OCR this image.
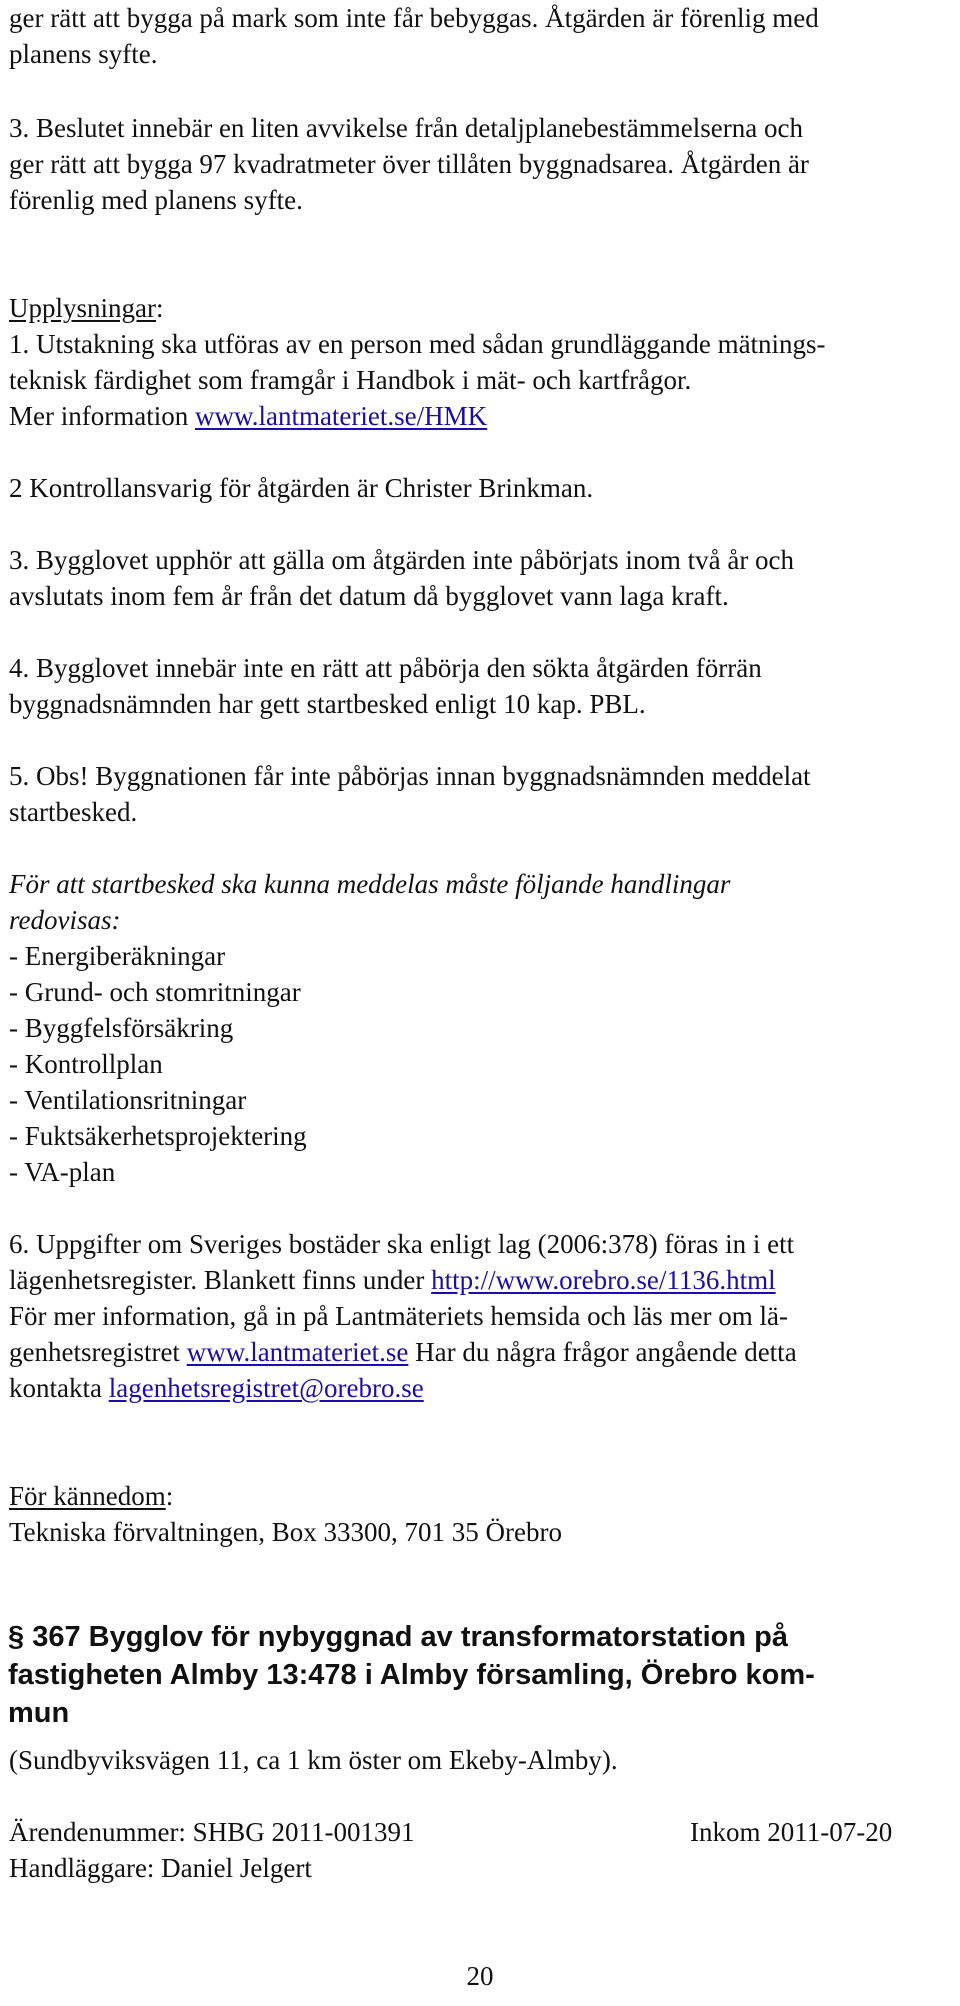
ger rätt att bygga på mark som inte får bebyggas. Åtgärden är förenlig med
planens syfte.
3. Beslutet innebär en liten avvikelse från detaljplanebestämmelserna och
ger rätt att bygga 97 kvadratmeter över tillåten byggnadsarea. Åtgärden är
förenlig med planens syfte.
Upplysningar:
1. Utstakning ska utföras av en person med sådan grundläggande mätnings-
teknisk färdighet som framgår i Handbok i mät- och kartfrågor.
Mer information www.lantmateriet.se/HMK
2 Kontrollansvarig för åtgärden är Christer Brinkman.
3. Bygglovet upphör att gälla om åtgärden inte påbörjats inom två år och
avslutats inom fem år från det datum då bygglovet vann laga kraft.
4. Bygglovet innebär inte en rätt att påbörja den sökta åtgärden förrän
byggnadsnämnden har gett startbesked enligt 10 kap. PBL.
5. Obs! Byggnationen får inte påbörjas innan byggnadsnämnden meddelat
startbesked.
För att startbesked ska kunna meddelas måste följande handlingar
redovisas:
- Energiberäkningar
- Grund- och stomritningar
- Byggfelsförsäkring
- Kontrollplan
- Ventilationsritningar
- Fuktsäkerhetsprojektering
- VA-plan
6. Uppgifter om Sveriges bostäder ska enligt lag (2006:378) föras in i ett
lägenhetsregister. Blankett finns under http://www.orebro.se/1136.html
För mer information, gå in på Lantmäteriets hemsida och läs mer om lä-
genhetsregistret www.lantmateriet.se Har du några frågor angående detta
kontakta lagenhetsregistret@orebro.se
För kännedom:
Tekniska förvaltningen, Box 33300, 701 35 Örebro
§ 367 Bygglov för nybyggnad av transformatorstation på
fastigheten Almby 13:478 i Almby församling, Örebro kom-
mun
(Sundbyviksvägen 11, ca 1 km öster om Ekeby-Almby).
Ärendenummer: SHBG 2011-001391	Inkom 2011-07-20
Handläggare: Daniel Jelgert
20
